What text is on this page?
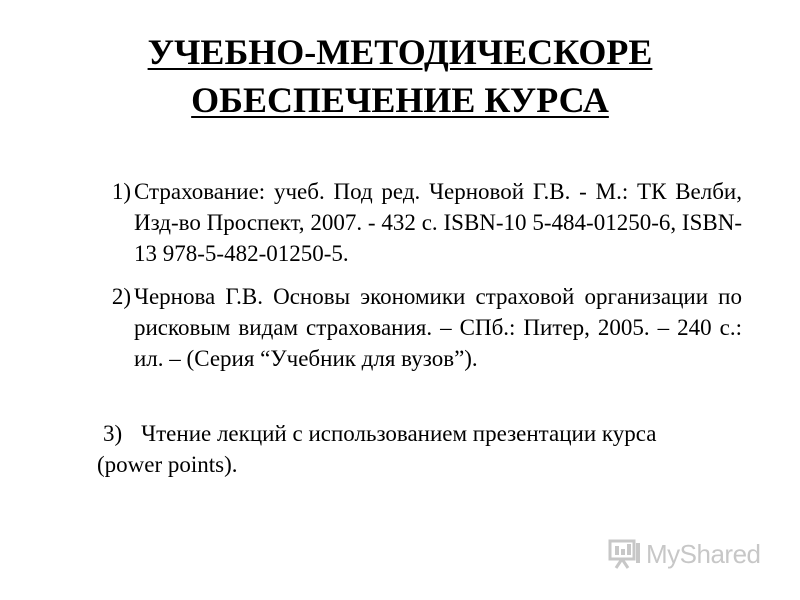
УЧЕБНО-МЕТОДИЧЕСКОРЕ
ОБЕСПЕЧЕНИЕ КУРСА
1) Страхование: учеб. Под ред. Черновой Г.В. - М.: ТК Велби, Изд-во Проспект, 2007. - 432 с. ISBN-10 5-484-01250-6, ISBN-13 978-5-482-01250-5.
2) Чернова Г.В. Основы экономики страховой организации по рисковым видам страхования. – СПб.: Питер, 2005. – 240 с.: ил. – (Серия “Учебник для вузов”).
3) Чтение лекций с использованием презентации курса (power points).
MyShared
